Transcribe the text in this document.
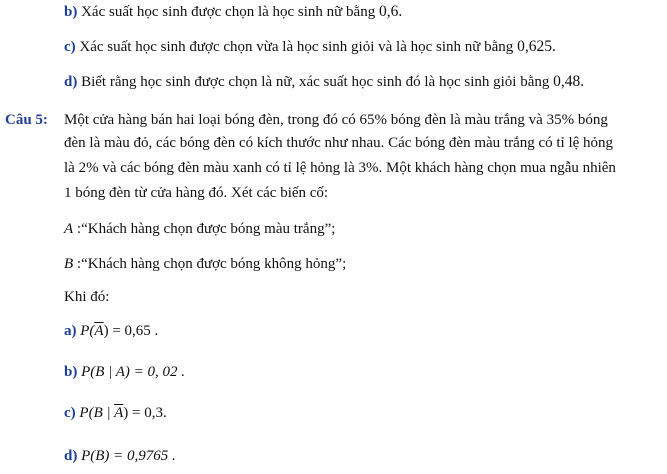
b) Xác suất học sinh được chọn là học sinh nữ bằng 0,6.
c) Xác suất học sinh được chọn vừa là học sinh giỏi và là học sinh nữ bằng 0,625.
d) Biết rằng học sinh được chọn là nữ, xác suất học sinh đó là học sinh giỏi bằng 0,48.
Câu 5: Một cửa hàng bán hai loại bóng đèn, trong đó có 65% bóng đèn là màu trắng và 35% bóng
đèn là màu đỏ, các bóng đèn có kích thước như nhau. Các bóng đèn màu trắng có tỉ lệ hỏng
là 2% và các bóng đèn màu xanh có tỉ lệ hỏng là 3%. Một khách hàng chọn mua ngẫu nhiên
1 bóng đèn từ cửa hàng đó. Xét các biến cố:
A :“Khách hàng chọn được bóng màu trắng”;
B :“Khách hàng chọn được bóng không hỏng”;
Khi đó:
a) $P(\overline{A}) = 0,65$ .
b) P(B | A) = 0, 02 .
c) P(B | $\overline{A}) = 0,3$.
d) P(B) = 0,9765 .
